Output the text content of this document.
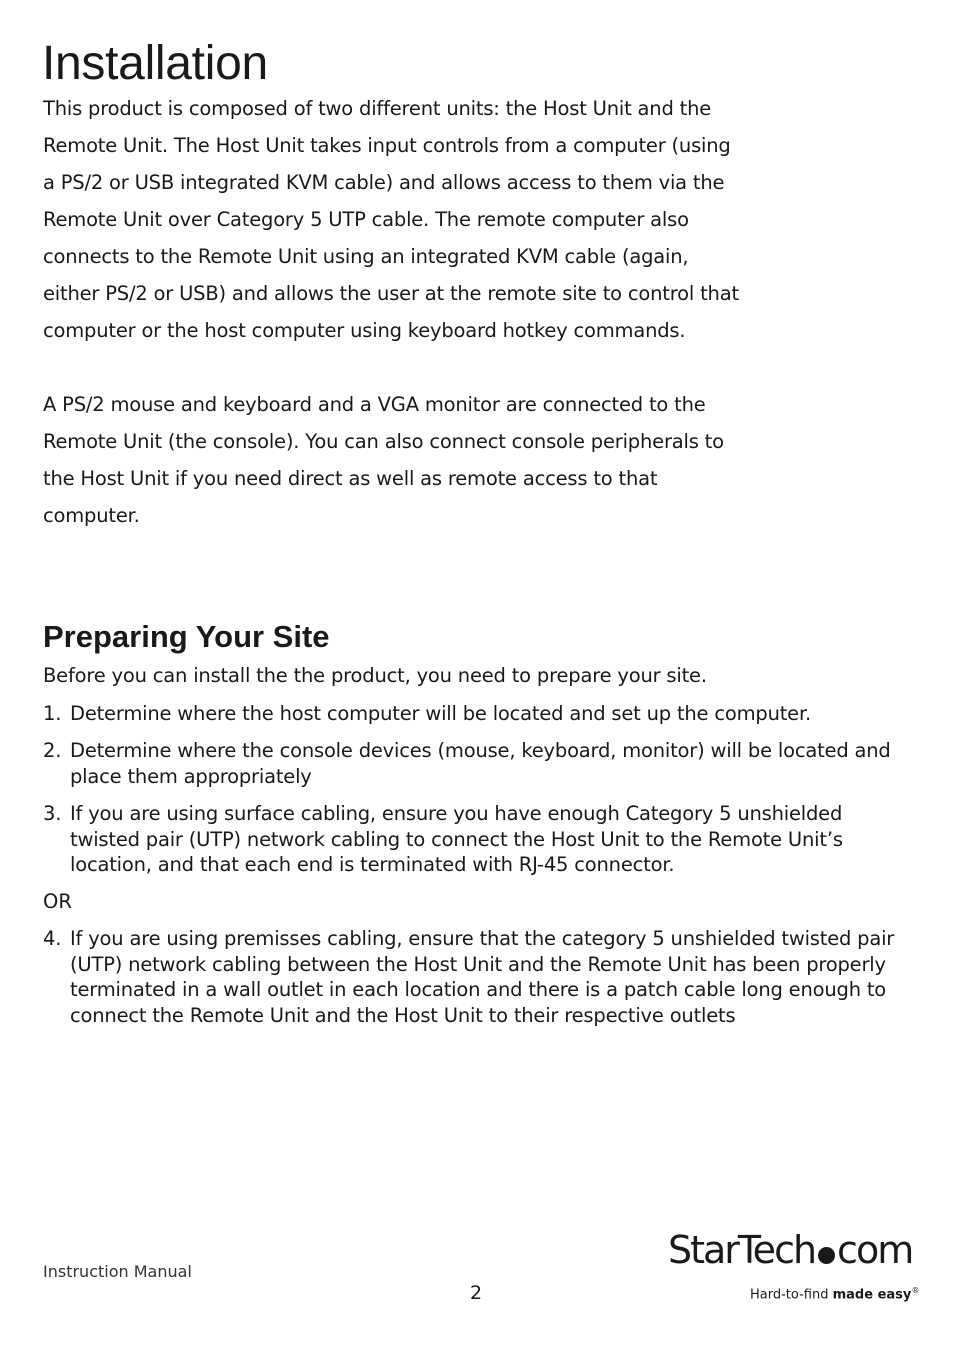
Installation

This product is composed of two different units: the Host Unit and the Remote Unit. The Host Unit takes input controls from a computer (using a PS/2 or USB integrated KVM cable) and allows access to them via the Remote Unit over Category 5 UTP cable. The remote computer also connects to the Remote Unit using an integrated KVM cable (again, either PS/2 or USB) and allows the user at the remote site to control that computer or the host computer using keyboard hotkey commands.

A PS/2 mouse and keyboard and a VGA monitor are connected to the Remote Unit (the console). You can also connect console peripherals to the Host Unit if you need direct as well as remote access to that computer.

Preparing Your Site

Before you can install the the product, you need to prepare your site.

1. Determine where the host computer will be located and set up the computer.
2. Determine where the console devices (mouse, keyboard, monitor) will be located and place them appropriately
3. If you are using surface cabling, ensure you have enough Category 5 unshielded twisted pair (UTP) network cabling to connect the Host Unit to the Remote Unit’s location, and that each end is terminated with RJ-45 connector.

OR

4. If you are using premisses cabling, ensure that the category 5 unshielded twisted pair (UTP) network cabling between the Host Unit and the Remote Unit has been properly terminated in a wall outlet in each location and there is a patch cable long enough to connect the Remote Unit and the Host Unit to their respective outlets
Instruction Manual
2
StarTech com
Hard-to-find made easy®
